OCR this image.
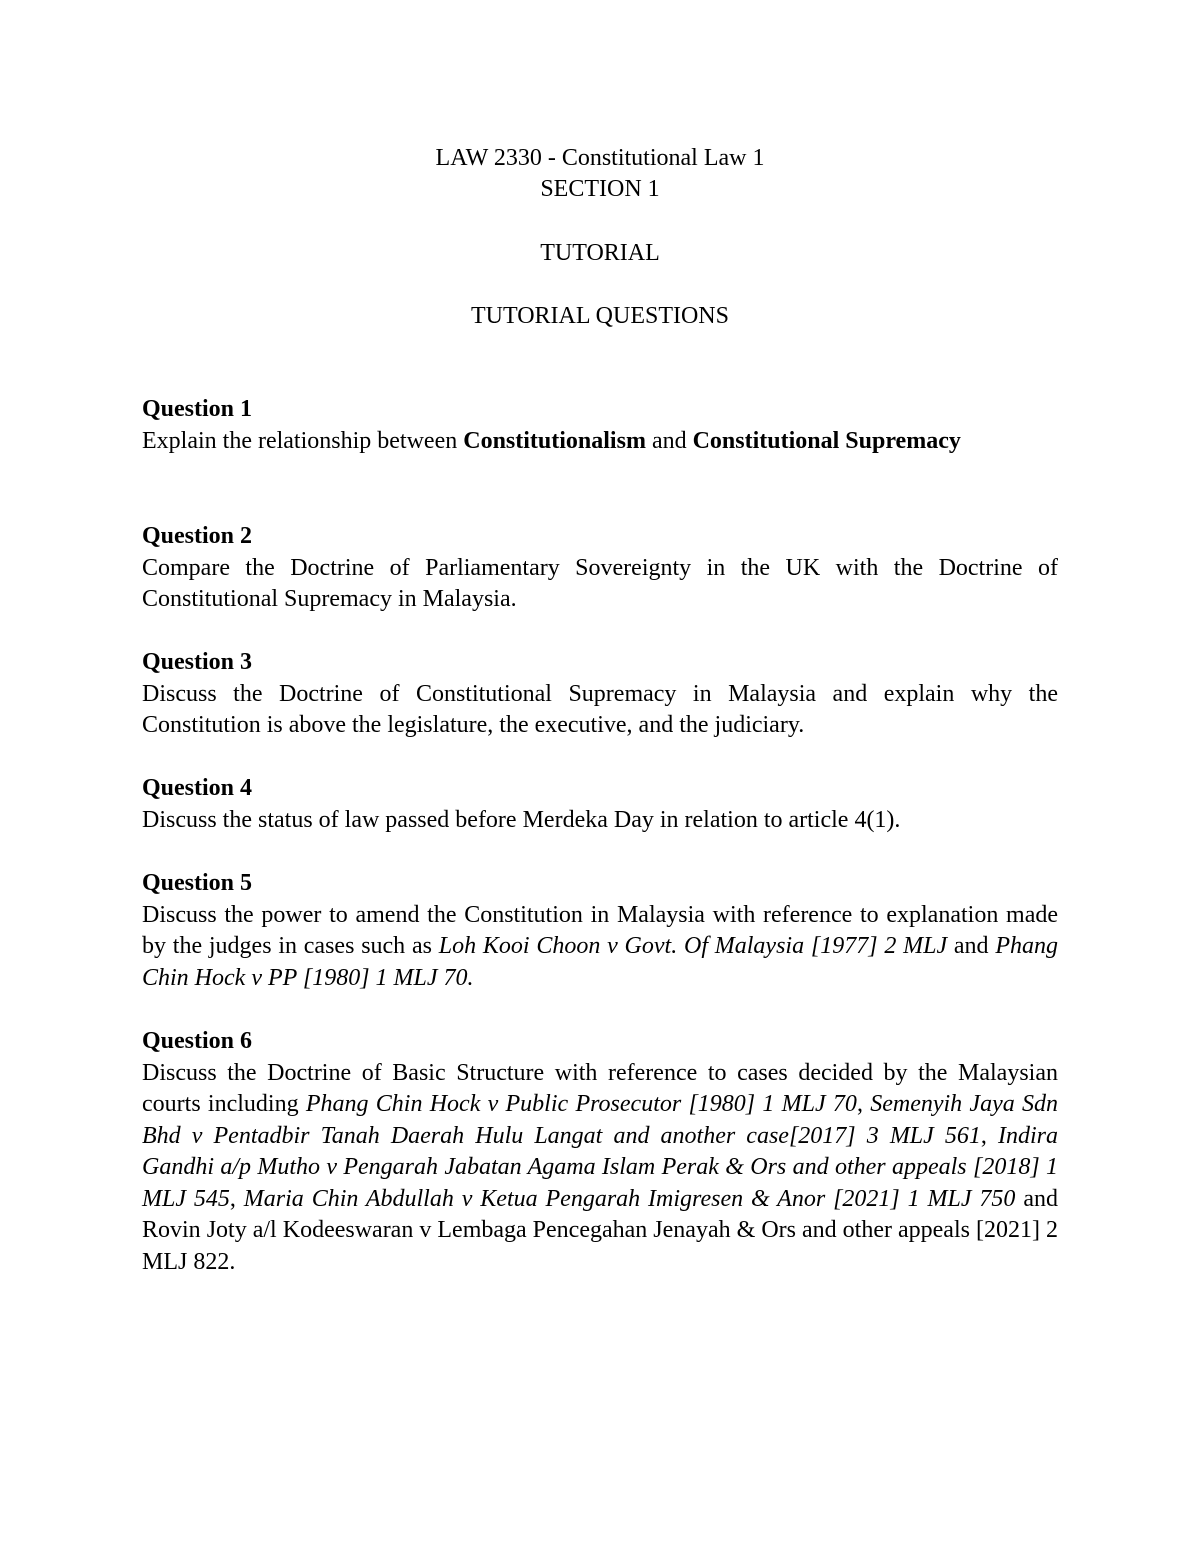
LAW 2330 - Constitutional Law 1
SECTION 1
TUTORIAL
TUTORIAL QUESTIONS
Question 1
Explain the relationship between Constitutionalism and Constitutional Supremacy
Question 2
Compare the Doctrine of Parliamentary Sovereignty in the UK with the Doctrine of Constitutional Supremacy in Malaysia.
Question 3
Discuss the Doctrine of Constitutional Supremacy in Malaysia and explain why the Constitution is above the legislature, the executive, and the judiciary.
Question 4
Discuss the status of law passed before Merdeka Day in relation to article 4(1).
Question 5
Discuss the power to amend the Constitution in Malaysia with reference to explanation made by the judges in cases such as Loh Kooi Choon v Govt. Of Malaysia [1977] 2 MLJ and Phang Chin Hock v PP [1980] 1 MLJ 70.
Question 6
Discuss the Doctrine of Basic Structure with reference to cases decided by the Malaysian courts including Phang Chin Hock v Public Prosecutor [1980] 1 MLJ 70, Semenyih Jaya Sdn Bhd v Pentadbir Tanah Daerah Hulu Langat and another case[2017] 3 MLJ 561, Indira Gandhi a/p Mutho v Pengarah Jabatan Agama Islam Perak & Ors and other appeals [2018] 1 MLJ 545, Maria Chin Abdullah v Ketua Pengarah Imigresen & Anor [2021] 1 MLJ 750 and Rovin Joty a/l Kodeeswaran v Lembaga Pencegahan Jenayah & Ors and other appeals [2021] 2 MLJ 822.
